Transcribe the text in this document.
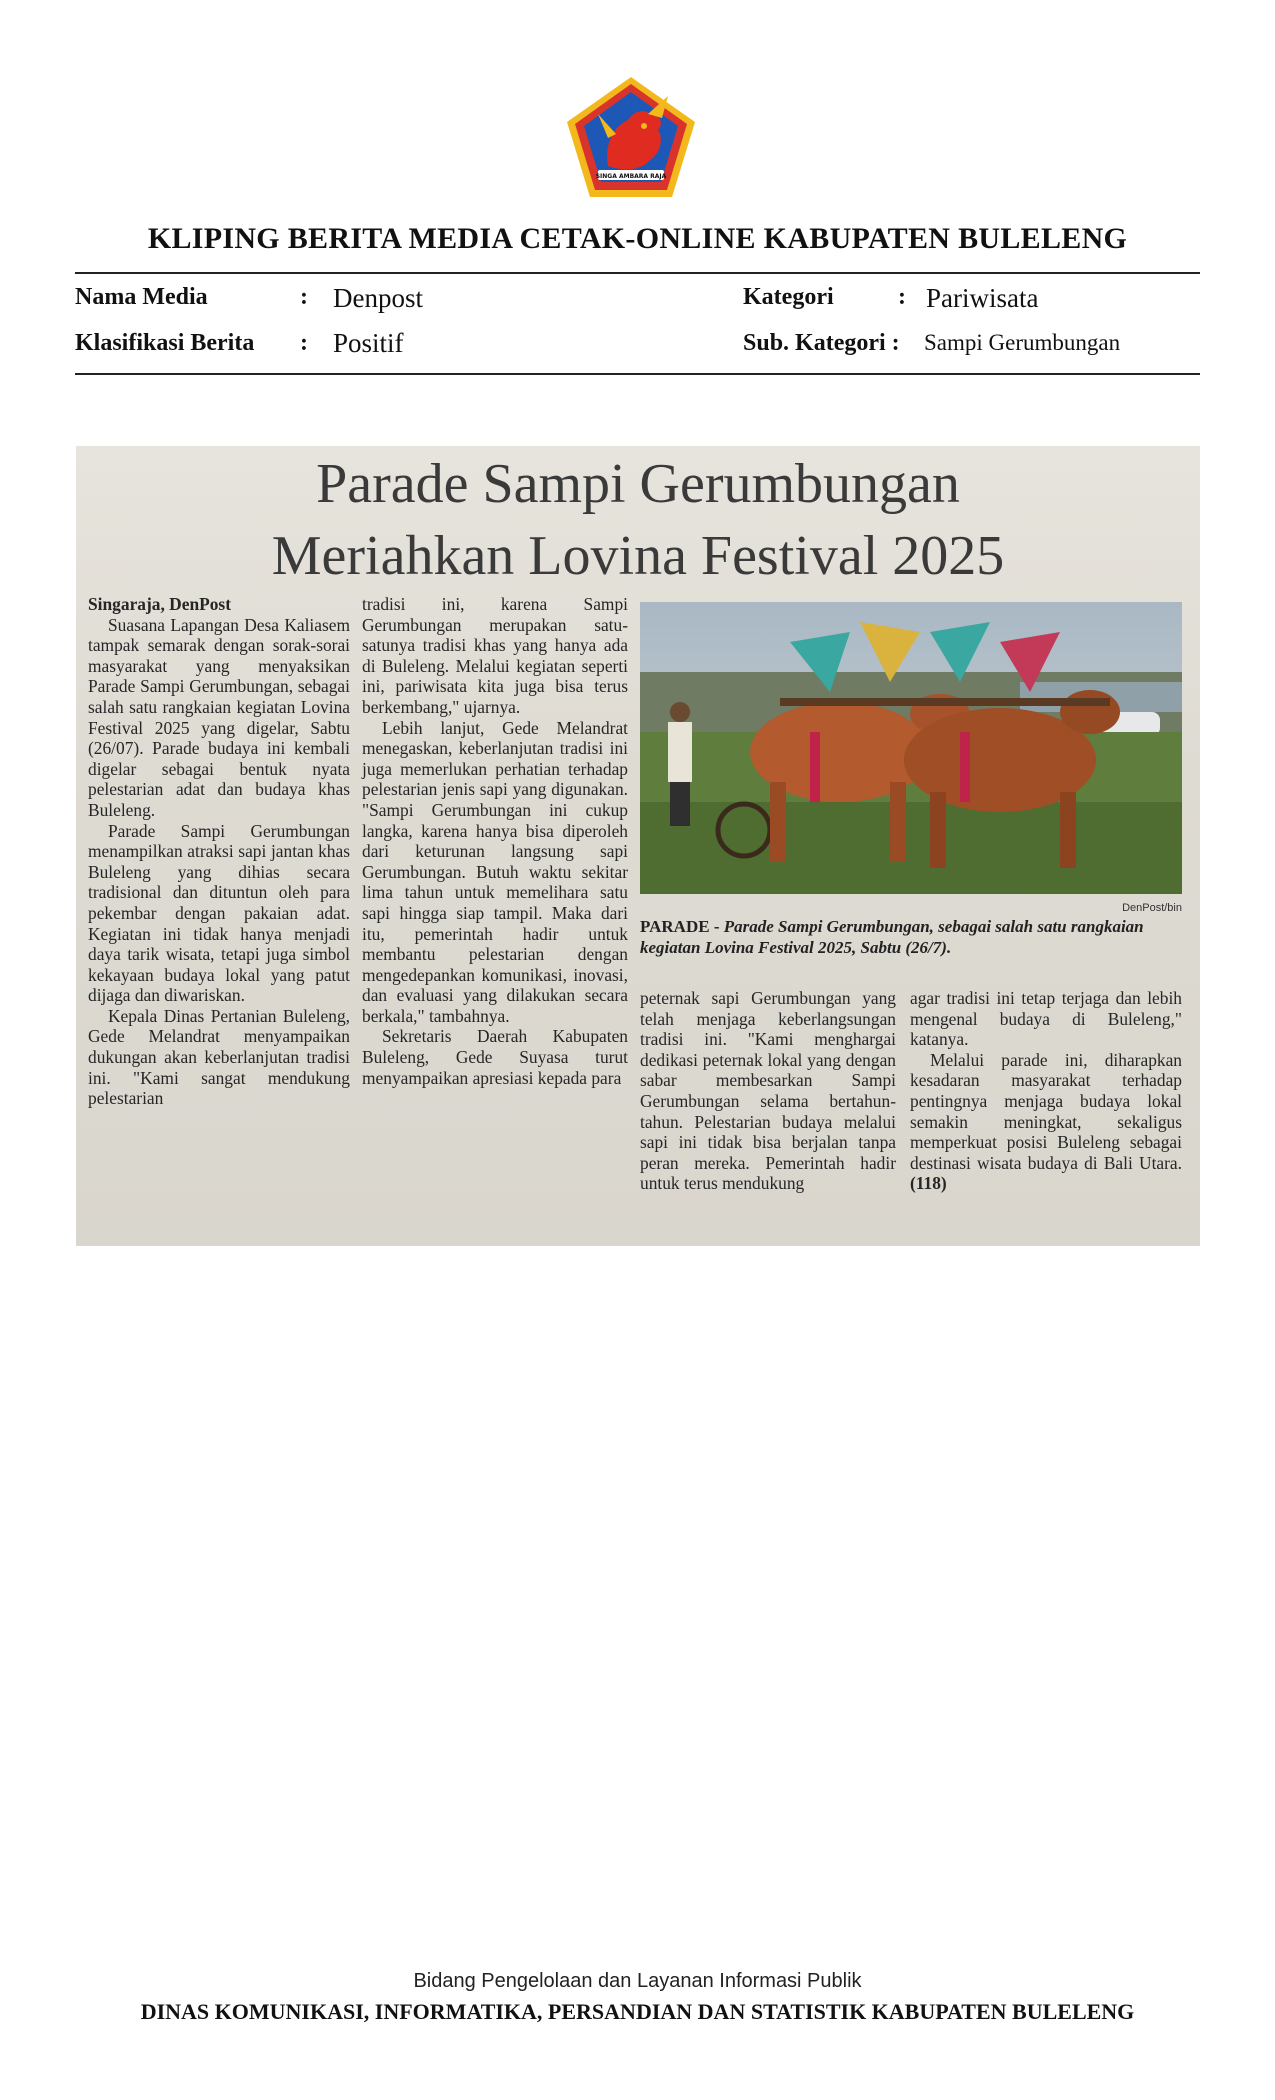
SINGA AMBARA RAJA
KLIPING BERITA MEDIA CETAK-ONLINE KABUPATEN BULELENG
Nama Media	: Denpost
Klasifikasi Berita : Positif
Kategori	: Pariwisata
Sub. Kategori : Sampi Gerumbungan
Parade Sampi Gerumbungan
Meriahkan Lovina Festival 2025

Singaraja, DenPost

Suasana Lapangan Desa Kaliasem tampak semarak dengan sorak-sorai masyarakat yang menyaksikan Parade Sampi Gerumbungan, sebagai salah satu rangkaian kegiatan Lovina Festival 2025 yang digelar, Sabtu (26/07). Parade budaya ini kembali digelar sebagai bentuk nyata pelestarian adat dan budaya khas Buleleng.

Parade Sampi Gerumbungan menampilkan atraksi sapi jantan khas Buleleng yang dihias secara tradisional dan dituntun oleh para pekembar dengan pakaian adat. Kegiatan ini tidak hanya menjadi daya tarik wisata, tetapi juga simbol kekayaan budaya lokal yang patut dijaga dan diwariskan.

Kepala Dinas Pertanian Buleleng, Gede Melandrat menyampaikan dukungan akan keberlanjutan tradisi ini. "Kami sangat mendukung pelestarian

tradisi ini, karena Sampi Gerumbungan merupakan satu-satunya tradisi khas yang hanya ada di Buleleng. Melalui kegiatan seperti ini, pariwisata kita juga bisa terus berkembang," ujarnya.

Lebih lanjut, Gede Melandrat menegaskan, keberlanjutan tradisi ini juga memerlukan perhatian terhadap pelestarian jenis sapi yang digunakan. "Sampi Gerumbungan ini cukup langka, karena hanya bisa diperoleh dari keturunan langsung sapi Gerumbungan. Butuh waktu sekitar lima tahun untuk memelihara satu sapi hingga siap tampil. Maka dari itu, pemerintah hadir untuk membantu pelestarian dengan mengedepankan komunikasi, inovasi, dan evaluasi yang dilakukan secara berkala," tambahnya.

Sekretaris Daerah Kabupaten Buleleng, Gede Suyasa turut menyampaikan apresiasi kepada para

DenPost/bin
PARADE - Parade Sampi Gerumbungan, sebagai salah satu rangkaian kegiatan Lovina Festival 2025, Sabtu (26/7).

peternak sapi Gerumbungan yang telah menjaga keberlangsungan tradisi ini. "Kami menghargai dedikasi peternak lokal yang dengan sabar membesarkan Sampi Gerumbungan selama bertahun-tahun. Pelestarian budaya melalui sapi ini tidak bisa berjalan tanpa peran mereka. Pemerintah hadir untuk terus mendukung

agar tradisi ini tetap terjaga dan lebih mengenal budaya di Buleleng," katanya.

Melalui parade ini, diharapkan kesadaran masyarakat terhadap pentingnya menjaga budaya lokal semakin meningkat, sekaligus memperkuat posisi Buleleng sebagai destinasi wisata budaya di Bali Utara. (118)

Bidang Pengelolaan dan Layanan Informasi Publik
DINAS KOMUNIKASI, INFORMATIKA, PERSANDIAN DAN STATISTIK KABUPATEN BULELENG
